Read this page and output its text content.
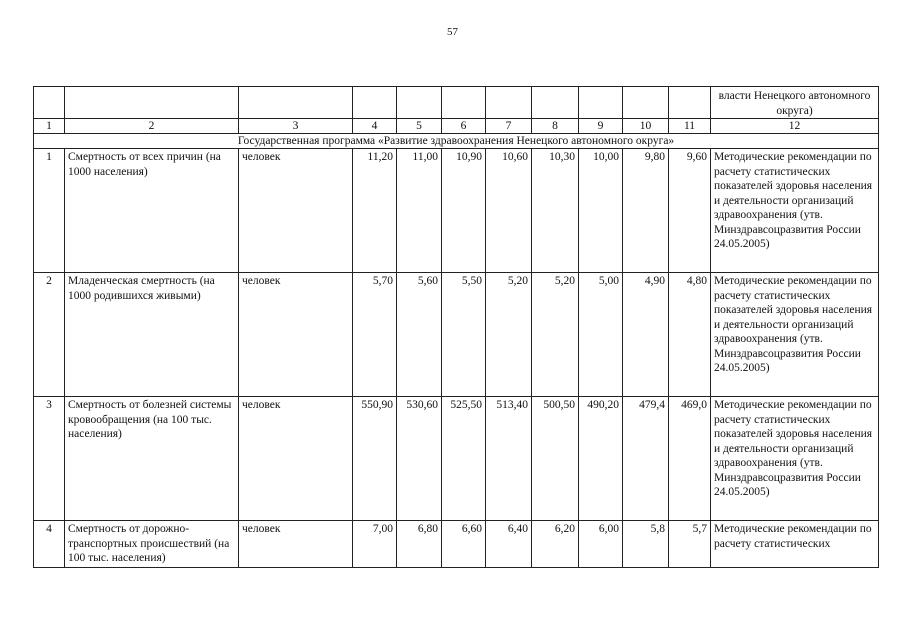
57
											власти Ненецкого автономного округа)
1	2	3	4	5	6	7	8	9	10	11	12
Государственная программа «Развитие здравоохранения Ненецкого автономного округа»											
1	Смертность от всех причин (на 1000 населения)	человек	11,20	11,00	10,90	10,60	10,30	10,00	9,80	9,60	Методические рекомендации по расчету статистических показателей здоровья населения и деятельности организаций здравоохранения (утв. Минздравсоцразвития России 24.05.2005)
2	Младенческая смертность (на 1000 родившихся живыми)	человек	5,70	5,60	5,50	5,20	5,20	5,00	4,90	4,80	Методические рекомендации по расчету статистических показателей здоровья населения и деятельности организаций здравоохранения (утв. Минздравсоцразвития России 24.05.2005)
3	Смертность от болезней системы кровообращения (на 100 тыс. населения)	человек	550,90	530,60	525,50	513,40	500,50	490,20	479,4	469,0	Методические рекомендации по расчету статистических показателей здоровья населения и деятельности организаций здравоохранения (утв. Минздравсоцразвития России 24.05.2005)
4	Смертность от дорожно-транспортных происшествий (на 100 тыс. населения)	человек	7,00	6,80	6,60	6,40	6,20	6,00	5,8	5,7	Методические рекомендации по расчету статистических
